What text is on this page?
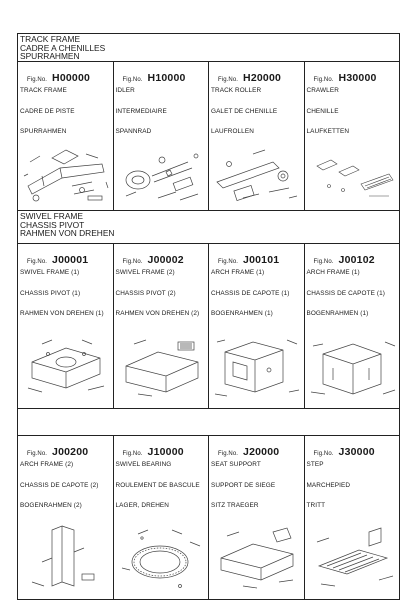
TRACK FRAME
CADRE A CHENILLES
SPURRAHMEN
Fig.No. H00000
TRACK FRAME
CADRE DE PISTE
SPURRAHMEN
Fig.No. H10000
IDLER
INTERMEDIAIRE
SPANNRAD
Fig.No. H20000
TRACK ROLLER
GALET DE CHENILLE
LAUFROLLEN
Fig.No. H30000
CRAWLER
CHENILLE
LAUFKETTEN
SWIVEL FRAME
CHASSIS PIVOT
RAHMEN VON DREHEN
Fig.No. J00001
SWIVEL FRAME (1)
CHASSIS PIVOT (1)
RAHMEN VON DREHEN (1)
Fig.No. J00002
SWIVEL FRAME (2)
CHASSIS PIVOT (2)
RAHMEN VON DREHEN (2)
Fig.No. J00101
ARCH FRAME (1)
CHASSIS DE CAPOTE (1)
BOGENRAHMEN (1)
Fig.No. J00102
ARCH FRAME (1)
CHASSIS DE CAPOTE (1)
BOGENRAHMEN (1)
Fig.No. J00200
ARCH FRAME (2)
CHASSIS DE CAPOTE (2)
BOGENRAHMEN (2)
Fig.No. J10000
SWIVEL BEARING
ROULEMENT DE BASCULE
LAGER, DREHEN
Fig.No. J20000
SEAT SUPPORT
SUPPORT DE SIEGE
SITZ TRAEGER
Fig.No. J30000
STEP
MARCHEPIED
TRITT
